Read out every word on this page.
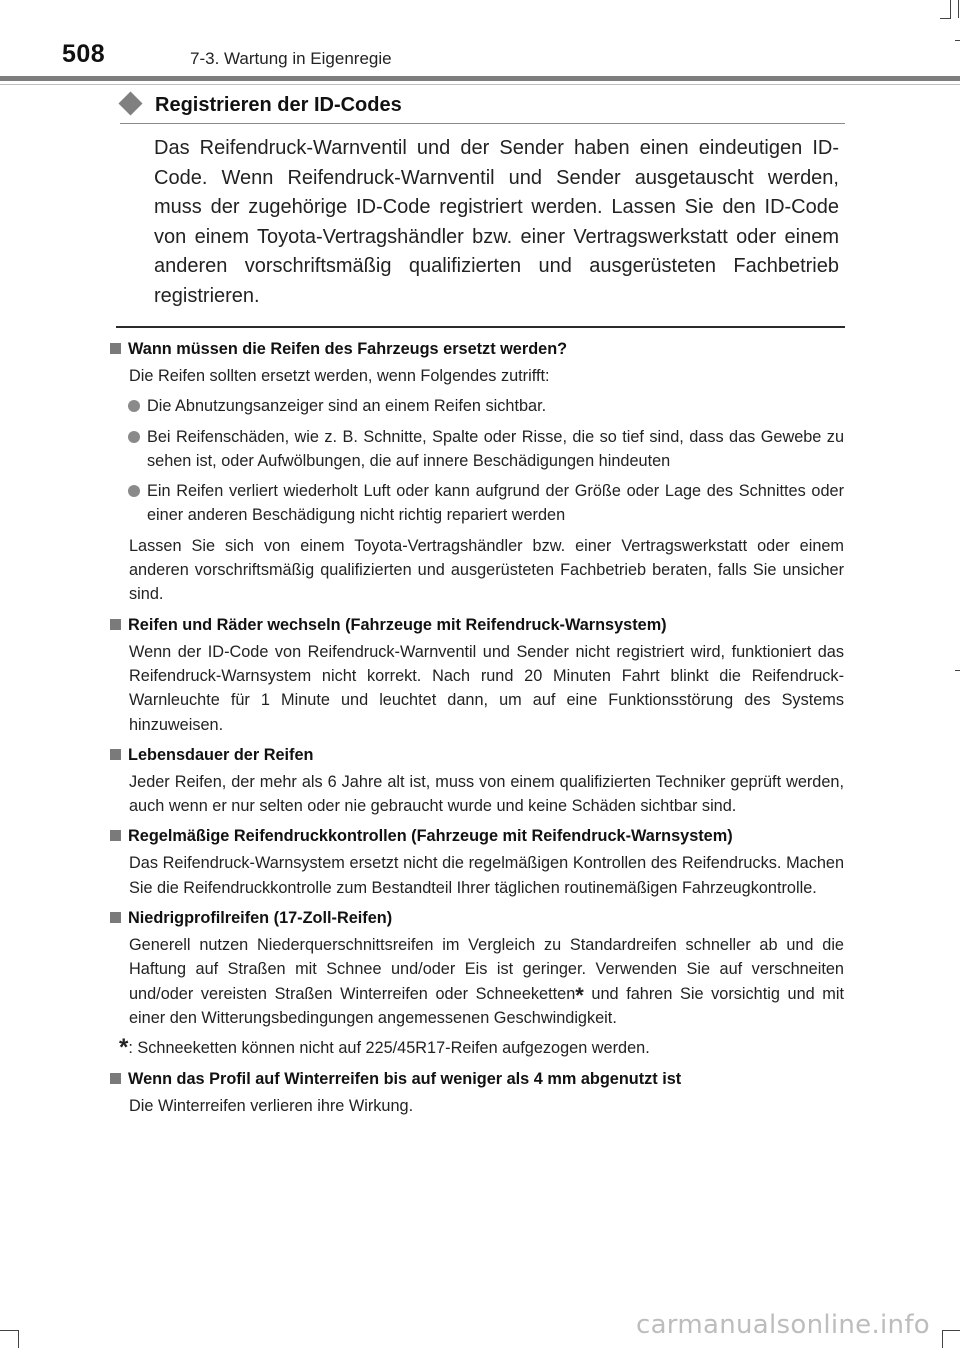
508	7-3. Wartung in Eigenregie
Registrieren der ID-Codes
Das Reifendruck-Warnventil und der Sender haben einen eindeutigen ID-Code. Wenn Reifendruck-Warnventil und Sender ausgetauscht werden, muss der zugehörige ID-Code registriert werden. Lassen Sie den ID-Code von einem Toyota-Vertragshändler bzw. einer Vertragswerkstatt oder einem anderen vorschriftsmäßig qualifizierten und ausgerüsteten Fachbetrieb registrieren.
Wann müssen die Reifen des Fahrzeugs ersetzt werden?
Die Reifen sollten ersetzt werden, wenn Folgendes zutrifft:
Die Abnutzungsanzeiger sind an einem Reifen sichtbar.
Bei Reifenschäden, wie z. B. Schnitte, Spalte oder Risse, die so tief sind, dass das Gewebe zu sehen ist, oder Aufwölbungen, die auf innere Beschädigungen hindeuten
Ein Reifen verliert wiederholt Luft oder kann aufgrund der Größe oder Lage des Schnittes oder einer anderen Beschädigung nicht richtig repariert werden
Lassen Sie sich von einem Toyota-Vertragshändler bzw. einer Vertragswerkstatt oder einem anderen vorschriftsmäßig qualifizierten und ausgerüsteten Fachbetrieb beraten, falls Sie unsicher sind.
Reifen und Räder wechseln (Fahrzeuge mit Reifendruck-Warnsystem)
Wenn der ID-Code von Reifendruck-Warnventil und Sender nicht registriert wird, funktioniert das Reifendruck-Warnsystem nicht korrekt. Nach rund 20 Minuten Fahrt blinkt die Reifendruck-Warnleuchte für 1 Minute und leuchtet dann, um auf eine Funktionsstörung des Systems hinzuweisen.
Lebensdauer der Reifen
Jeder Reifen, der mehr als 6 Jahre alt ist, muss von einem qualifizierten Techniker geprüft werden, auch wenn er nur selten oder nie gebraucht wurde und keine Schäden sichtbar sind.
Regelmäßige Reifendruckkontrollen (Fahrzeuge mit Reifendruck-Warnsystem)
Das Reifendruck-Warnsystem ersetzt nicht die regelmäßigen Kontrollen des Reifendrucks. Machen Sie die Reifendruckkontrolle zum Bestandteil Ihrer täglichen routinemäßigen Fahrzeugkontrolle.
Niedrigprofilreifen (17-Zoll-Reifen)
Generell nutzen Niederquerschnittsreifen im Vergleich zu Standardreifen schneller ab und die Haftung auf Straßen mit Schnee und/oder Eis ist geringer. Verwenden Sie auf verschneiten und/oder vereisten Straßen Winterreifen oder Schneeketten* und fahren Sie vorsichtig und mit einer den Witterungsbedingungen angemessenen Geschwindigkeit.
*: Schneeketten können nicht auf 225/45R17-Reifen aufgezogen werden.
Wenn das Profil auf Winterreifen bis auf weniger als 4 mm abgenutzt ist
Die Winterreifen verlieren ihre Wirkung.
carmanualsonline.info
